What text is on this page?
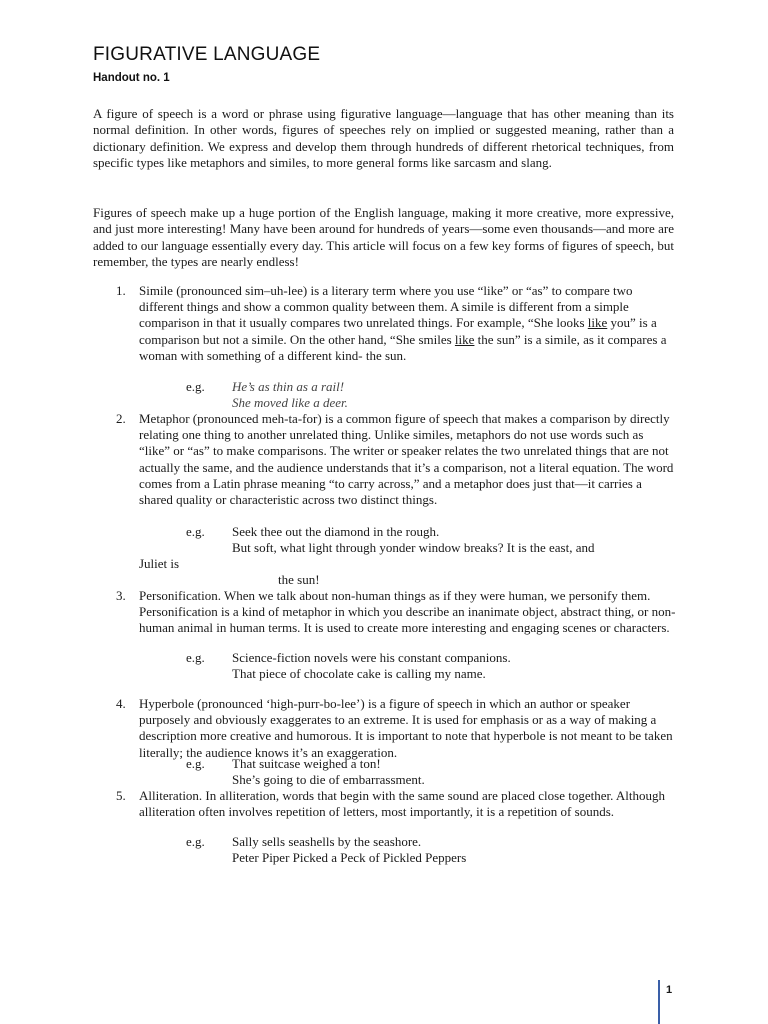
FIGURATIVE LANGUAGE
Handout no. 1

A figure of speech is a word or phrase using figurative language—language that has other meaning than its normal definition. In other words, figures of speeches rely on implied or suggested meaning, rather than a dictionary definition. We express and develop them through hundreds of different rhetorical techniques, from specific types like metaphors and similes, to more general forms like sarcasm and slang.

Figures of speech make up a huge portion of the English language, making it more creative, more expressive, and just more interesting! Many have been around for hundreds of years—some even thousands—and more are added to our language essentially every day. This article will focus on a few key forms of figures of speech, but remember, the types are nearly endless!

1. Simile (pronounced sim–uh-lee) is a literary term where you use “like” or “as” to compare two different things and show a common quality between them. A simile is different from a simple comparison in that it usually compares two unrelated things. For example, “She looks like you” is a comparison but not a simile. On the other hand, “She smiles like the sun” is a simile, as it compares a woman with something of a different kind- the sun.

e.g. He’s as thin as a rail!
She moved like a deer.
2. Metaphor (pronounced meh-ta-for) is a common figure of speech that makes a comparison by directly relating one thing to another unrelated thing. Unlike similes, metaphors do not use words such as “like” or “as” to make comparisons. The writer or speaker relates the two unrelated things that are not actually the same, and the audience understands that it’s a comparison, not a literal equation. The word comes from a Latin phrase meaning “to carry across,” and a metaphor does just that—it carries a shared quality or characteristic across two distinct things.

e.g. Seek thee out the diamond in the rough.
But soft, what light through yonder window breaks? It is the east, and
Juliet is
the sun!
3. Personification. When we talk about non-human things as if they were human, we personify them. Personification is a kind of metaphor in which you describe an inanimate object, abstract thing, or non-human animal in human terms. It is used to create more interesting and engaging scenes or characters.

e.g. Science-fiction novels were his constant companions.
That piece of chocolate cake is calling my name.
4. Hyperbole (pronounced ‘high-purr-bo-lee’) is a figure of speech in which an author or speaker purposely and obviously exaggerates to an extreme. It is used for emphasis or as a way of making a description more creative and humorous. It is important to note that hyperbole is not meant to be taken literally; the audience knows it’s an exaggeration.

e.g. That suitcase weighed a ton!
She’s going to die of embarrassment.
5. Alliteration. In alliteration, words that begin with the same sound are placed close together. Although alliteration often involves repetition of letters, most importantly, it is a repetition of sounds.

e.g. Sally sells seashells by the seashore.
Peter Piper Picked a Peck of Pickled Peppers
1
